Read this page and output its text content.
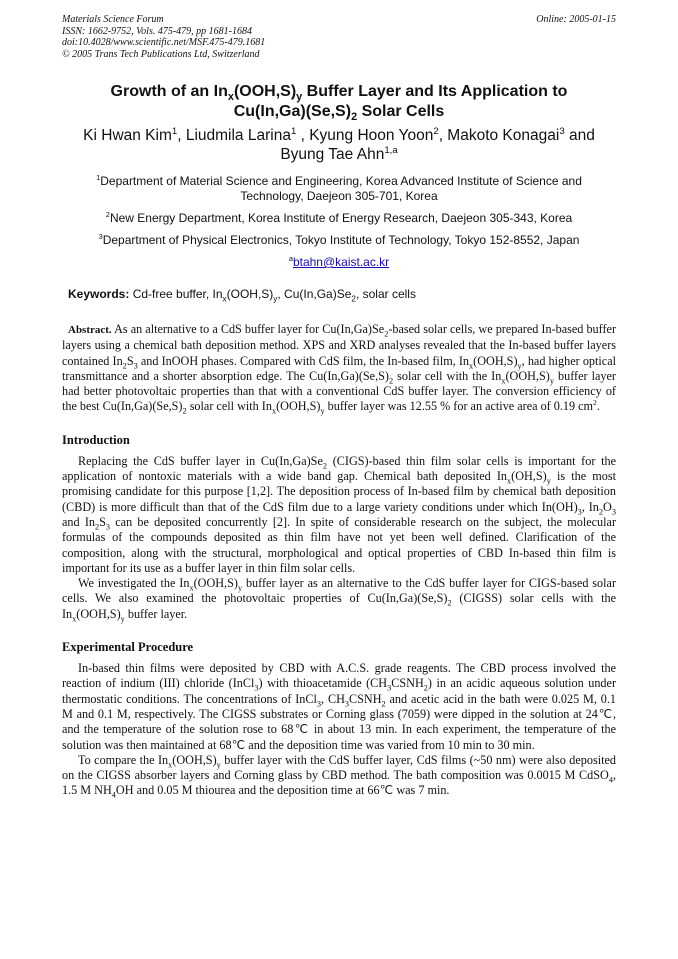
Materials Science Forum	Online: 2005-01-15
ISSN: 1662-9752, Vols. 475-479, pp 1681-1684
doi:10.4028/www.scientific.net/MSF.475-479.1681
© 2005 Trans Tech Publications Ltd, Switzerland
Growth of an $In_x(OOH,S)_y$ Buffer Layer and Its Application to
$Cu(In,Ga)(Se,S)_2$ Solar Cells
Ki Hwan Kim$^1$, Liudmila Larina$^1$ , Kyung Hoon Yoon$^2$, Makoto Konagai$^3$ and
Byung Tae Ahn$^{1,a}$
$^1$Department of Material Science and Engineering, Korea Advanced Institute of Science and Technology, Daejeon 305-701, Korea
$^2$New Energy Department, Korea Institute of Energy Research, Daejeon 305-343, Korea
$^3$Department of Physical Electronics, Tokyo Institute of Technology, Tokyo 152-8552, Japan
$^a$btahn@kaist.ac.kr
Keywords: Cd-free buffer, $In_x(OOH,S)_y$, $Cu(In,Ga)Se_2$, solar cells

Abstract. As an alternative to a CdS buffer layer for $Cu(In,Ga)Se_2$-based solar cells, we prepared In-based buffer layers using a chemical bath deposition method. XPS and XRD analyses revealed that the In-based buffer layers contained $In_2S_3$ and InOOH phases. Compared with CdS film, the In-based film, $In_x(OOH,S)_y$, had higher optical transmittance and a shorter absorption edge. The $Cu(In,Ga)(Se,S)_2$ solar cell with the $In_x(OOH,S)_y$ buffer layer had better photovoltaic properties than that with a conventional CdS buffer layer. The conversion efficiency of the best $Cu(In,Ga)(Se,S)_2$ solar cell with $In_x(OOH,S)_y$ buffer layer was 12.55 % for an active area of 0.19 $cm^2$.

Introduction

Replacing the CdS buffer layer in $Cu(In,Ga)Se_2$ (CIGS)-based thin film solar cells is important for the application of nontoxic materials with a wide band gap. Chemical bath deposited $In_x(OH,S)_y$ is the most promising candidate for this purpose [1,2]. The deposition process of In-based film by chemical bath deposition (CBD) is more difficult than that of the CdS film due to a large variety conditions under which $In(OH)_3$, $In_2O_3$ and $In_2S_3$ can be deposited concurrently [2]. In spite of considerable research on the subject, the molecular formulas of the compounds deposited as thin film have not yet been well defined. Clarification of the composition, along with the structural, morphological and optical properties of CBD In-based thin film is important for its use as a buffer layer in thin film solar cells.

We investigated the $In_x(OOH,S)_y$ buffer layer as an alternative to the CdS buffer layer for CIGS-based solar cells. We also examined the photovoltaic properties of $Cu(In,Ga)(Se,S)_2$ (CIGSS) solar cells with the $In_x(OOH,S)_y$ buffer layer.

Experimental Procedure

In-based thin films were deposited by CBD with A.C.S. grade reagents. The CBD process involved the reaction of indium (III) chloride (InCl$_3$) with thioacetamide $(CH_3CSNH_2)$ in an acidic aqueous solution under thermostatic conditions. The concentrations of InCl$_3$, $CH_3CSNH_2$ and acetic acid in the bath were 0.025 M, 0.1 M and 0.1 M, respectively. The CIGSS substrates or Corning glass (7059) were dipped in the solution at 24℃, and the temperature of the solution rose to 68℃ in about 13 min. In each experiment, the temperature of the solution was then maintained at 68℃ and the deposition time was varied from 10 min to 30 min.

To compare the $In_x(OOH,S)_y$ buffer layer with the CdS buffer layer, CdS films (~50 nm) were also deposited on the CIGSS absorber layers and Corning glass by CBD method. The bath composition was 0.0015 M CdSO$_4$, 1.5 M $NH_4OH$ and 0.05 M thiourea and the deposition time at 66℃ was 7 min.
